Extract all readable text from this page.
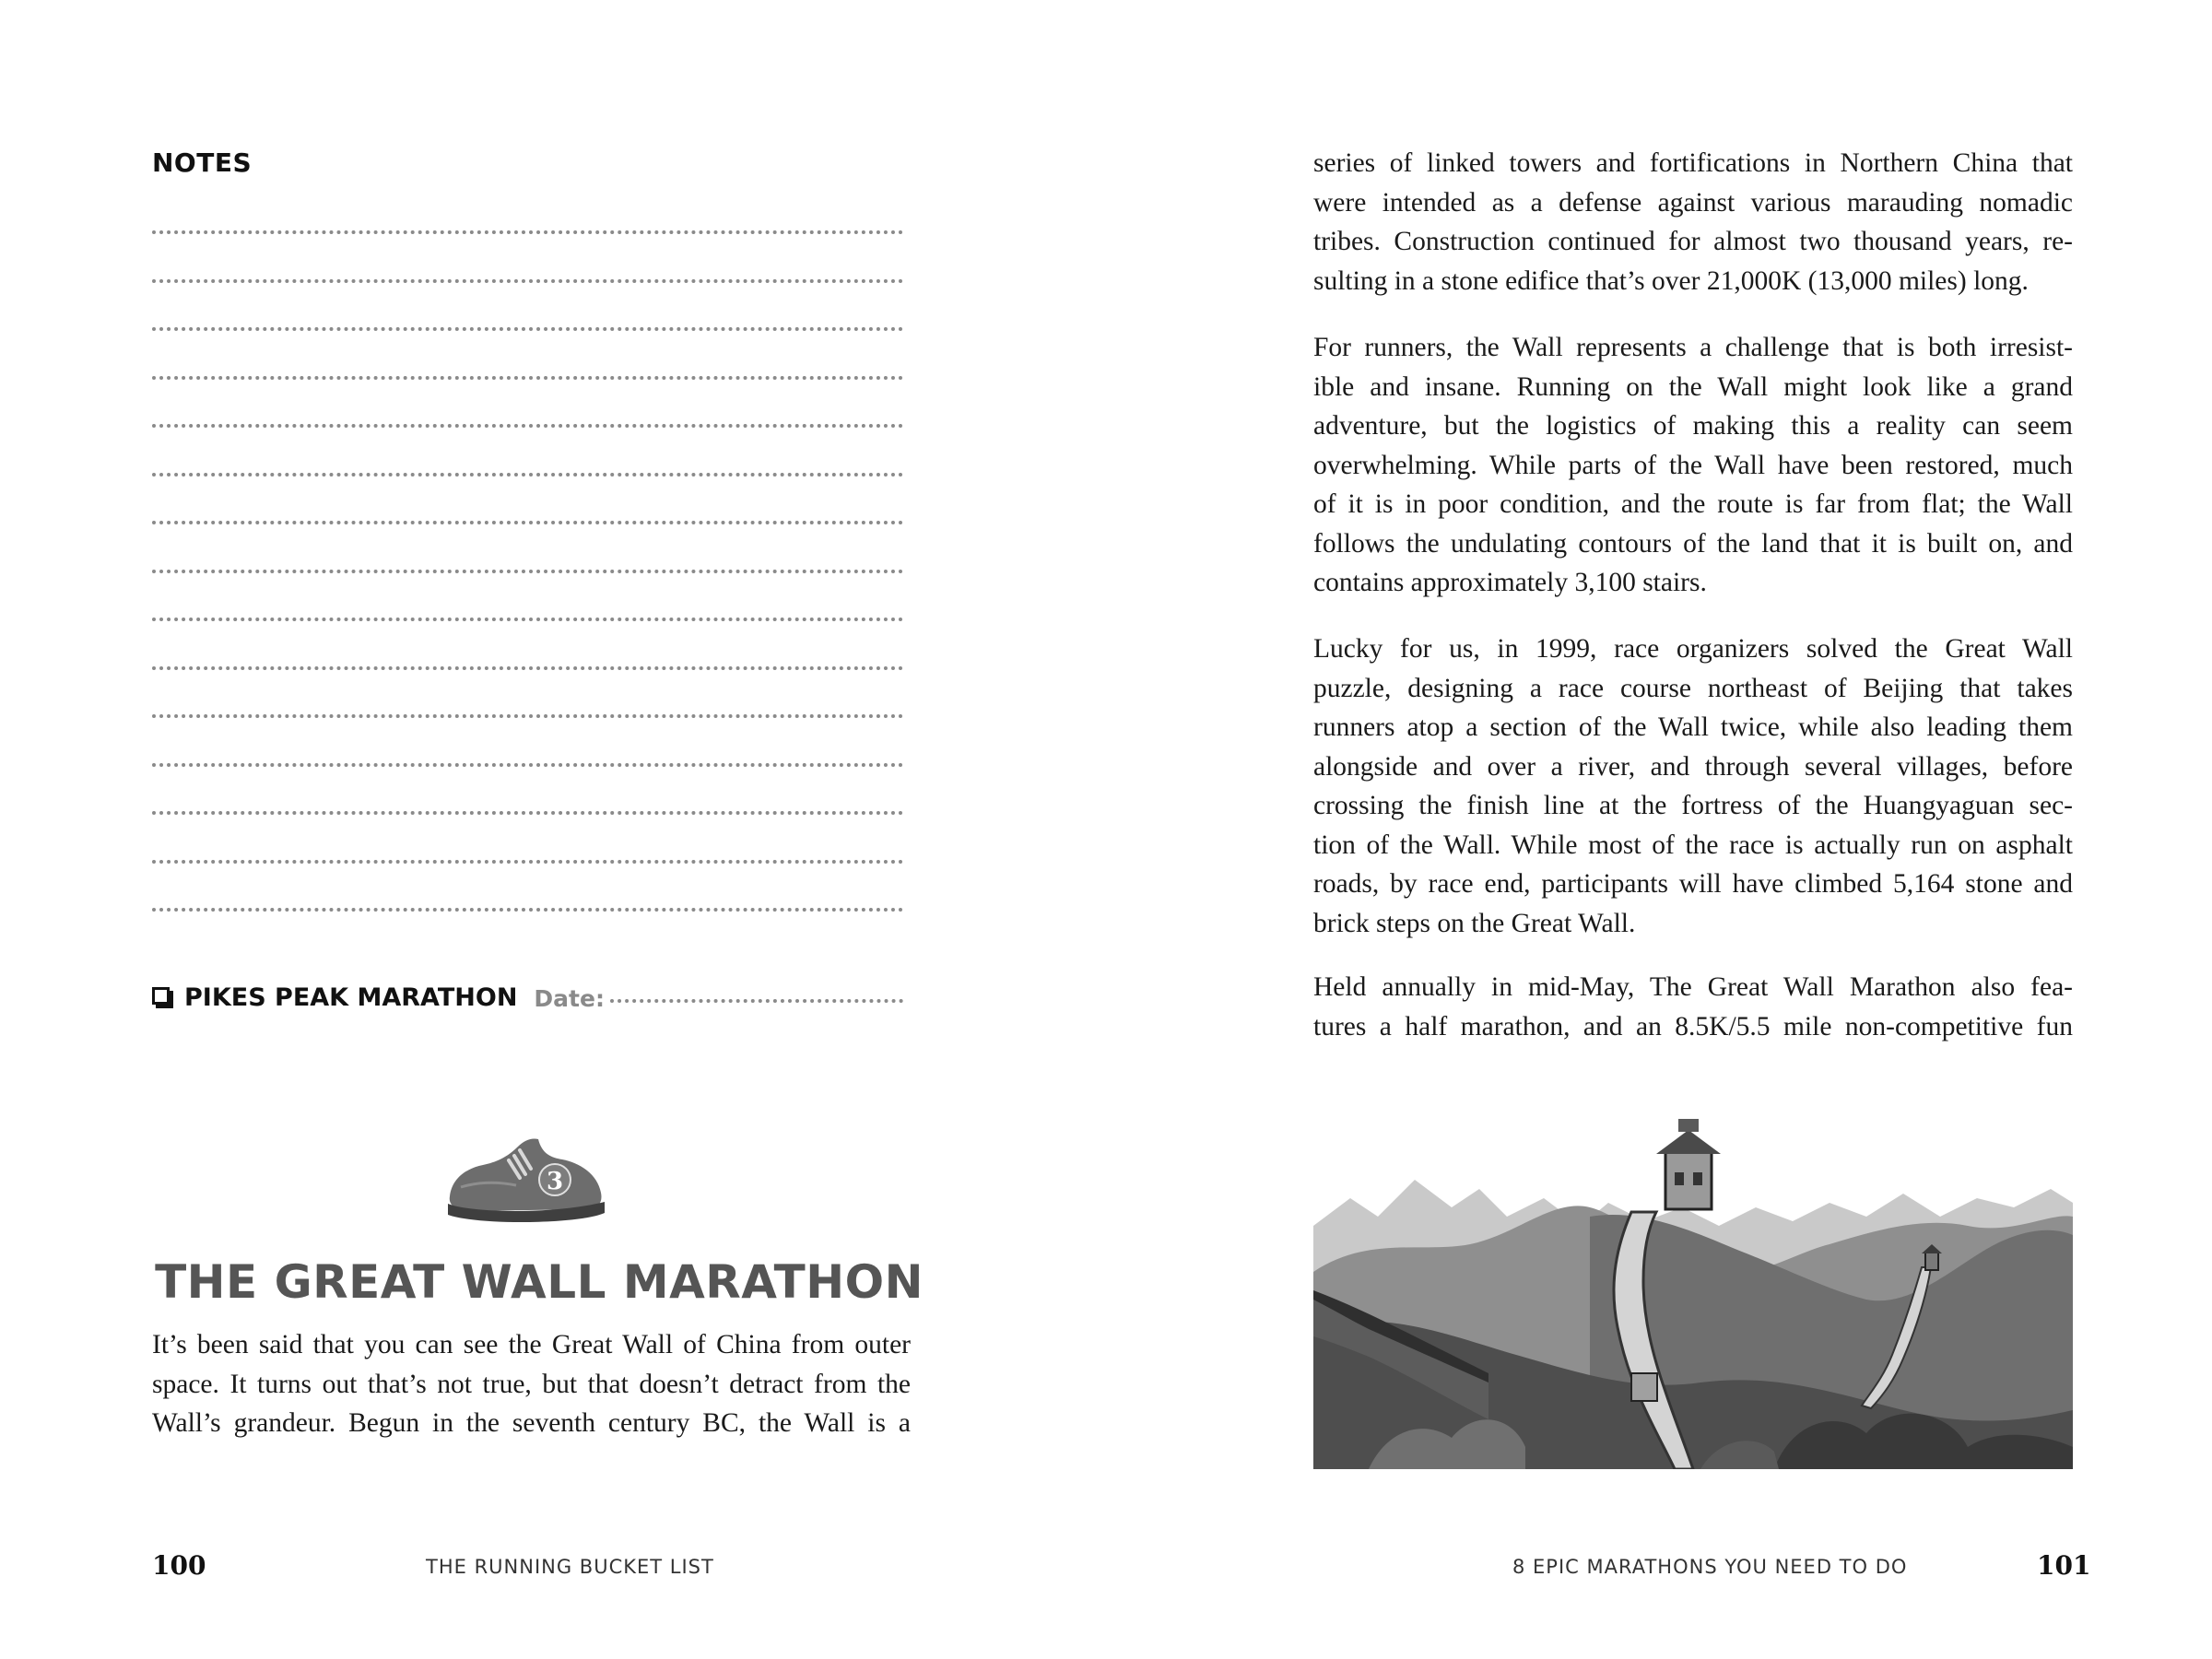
NOTES
PIKES PEAK MARATHON Date:
3
THE GREAT WALL MARATHON

It’s been said that you can see the Great Wall of China from outer
space. It turns out that’s not true, but that doesn’t detract from the
Wall’s grandeur. Begun in the seventh century BC, the Wall is a

100	THE RUNNING BUCKET LIST

series of linked towers and fortifications in Northern China that
were intended as a defense against various marauding nomadic
tribes. Construction continued for almost two thousand years, re-
sulting in a stone edifice that’s over 21,000K (13,000 miles) long.

For runners, the Wall represents a challenge that is both irresist-
ible and insane. Running on the Wall might look like a grand
adventure, but the logistics of making this a reality can seem
overwhelming. While parts of the Wall have been restored, much
of it is in poor condition, and the route is far from flat; the Wall
follows the undulating contours of the land that it is built on, and
contains approximately 3,100 stairs.

Lucky for us, in 1999, race organizers solved the Great Wall
puzzle, designing a race course northeast of Beijing that takes
runners atop a section of the Wall twice, while also leading them
alongside and over a river, and through several villages, before
crossing the finish line at the fortress of the Huangyaguan sec-
tion of the Wall. While most of the race is actually run on asphalt
roads, by race end, participants will have climbed 5,164 stone and
brick steps on the Great Wall.

Held annually in mid-May, The Great Wall Marathon also fea-
tures a half marathon, and an 8.5K/5.5 mile non-competitive fun

101
8 EPIC MARATHONS YOU NEED TO DO
